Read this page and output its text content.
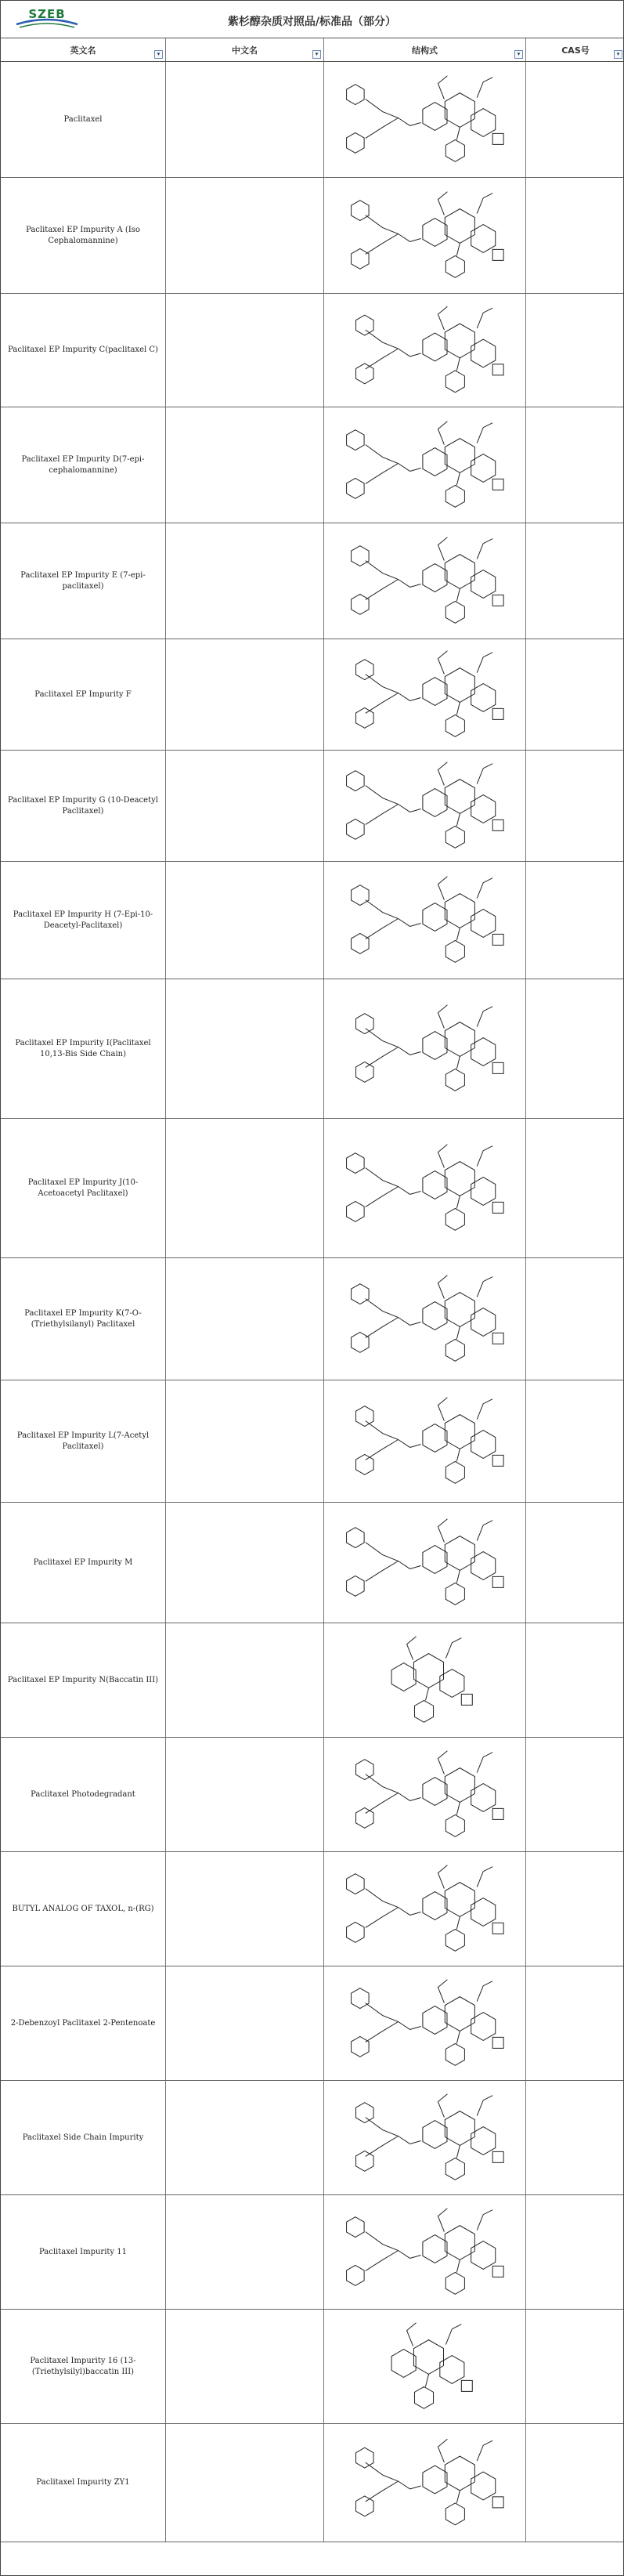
SZEB
紫杉醇杂质对照品/标准品（部分）
英文名	▾	中文名	▾	结构式	▾	CAS号	▾
Paclitaxel
Paclitaxel EP Impurity A (Iso Cephalomannine)
Paclitaxel EP Impurity C(paclitaxel C)
Paclitaxel EP Impurity D(7-epi-cephalomannine)
Paclitaxel EP Impurity E (7-epi-paclitaxel)
Paclitaxel EP Impurity F
Paclitaxel EP Impurity G (10-Deacetyl Paclitaxel)
Paclitaxel EP Impurity H (7-Epi-10-Deacetyl-Paclitaxel)
Paclitaxel EP Impurity I(Paclitaxel 10,13-Bis Side Chain)
Paclitaxel EP Impurity J(10-Acetoacetyl Paclitaxel)
Paclitaxel EP Impurity K(7-O-(Triethylsilanyl) Paclitaxel
Paclitaxel EP Impurity L(7-Acetyl Paclitaxel)
Paclitaxel EP Impurity M
Paclitaxel EP Impurity N(Baccatin III)
Paclitaxel Photodegradant
BUTYL ANALOG OF TAXOL, n-(RG)
2-Debenzoyl Paclitaxel 2-Pentenoate
Paclitaxel Side Chain Impurity
Paclitaxel Impurity 11
Paclitaxel Impurity 16 (13-(Triethylsilyl)baccatin III)
Paclitaxel Impurity ZY1
